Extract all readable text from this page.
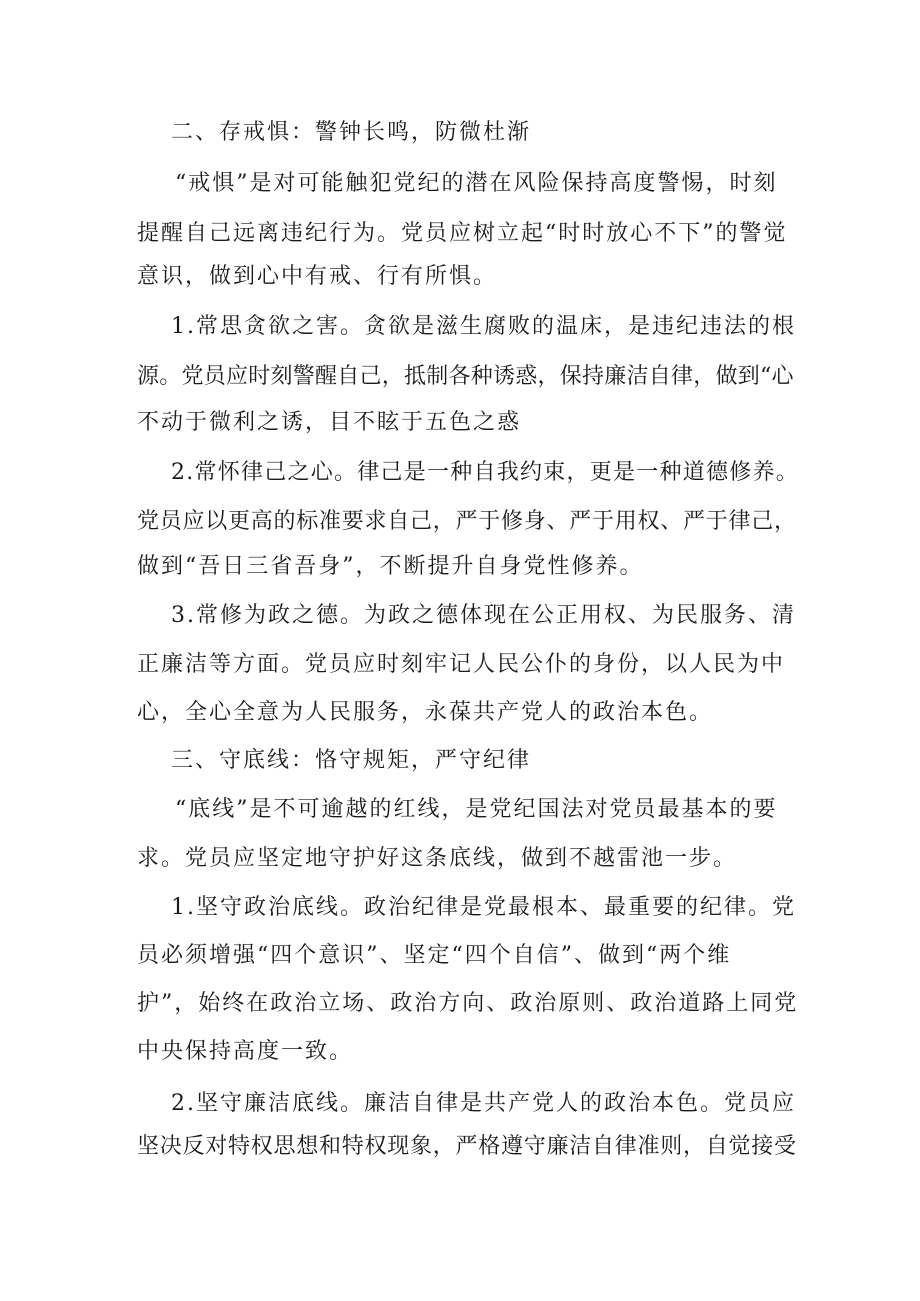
二、存戒惧：警钟长鸣，防微杜渐
“戒惧”是对可能触犯党纪的潜在风险保持高度警惕，时刻
提醒自己远离违纪行为。党员应树立起“时时放心不下”的警觉
意识，做到心中有戒、行有所惧。
1.常思贪欲之害。贪欲是滋生腐败的温床，是违纪违法的根
源。党员应时刻警醒自己，抵制各种诱惑，保持廉洁自律，做到“心
不动于微利之诱，目不眩于五色之惑
2.常怀律己之心。律己是一种自我约束，更是一种道德修养。
党员应以更高的标准要求自己，严于修身、严于用权、严于律己，
做到“吾日三省吾身”，不断提升自身党性修养。
3.常修为政之德。为政之德体现在公正用权、为民服务、清
正廉洁等方面。党员应时刻牢记人民公仆的身份，以人民为中
心，全心全意为人民服务，永葆共产党人的政治本色。
三、守底线：恪守规矩，严守纪律
“底线”是不可逾越的红线，是党纪国法对党员最基本的要
求。党员应坚定地守护好这条底线，做到不越雷池一步。
1.坚守政治底线。政治纪律是党最根本、最重要的纪律。党
员必须增强“四个意识”、坚定“四个自信”、做到“两个维
护”，始终在政治立场、政治方向、政治原则、政治道路上同党
中央保持高度一致。
2.坚守廉洁底线。廉洁自律是共产党人的政治本色。党员应
坚决反对特权思想和特权现象，严格遵守廉洁自律准则，自觉接受
